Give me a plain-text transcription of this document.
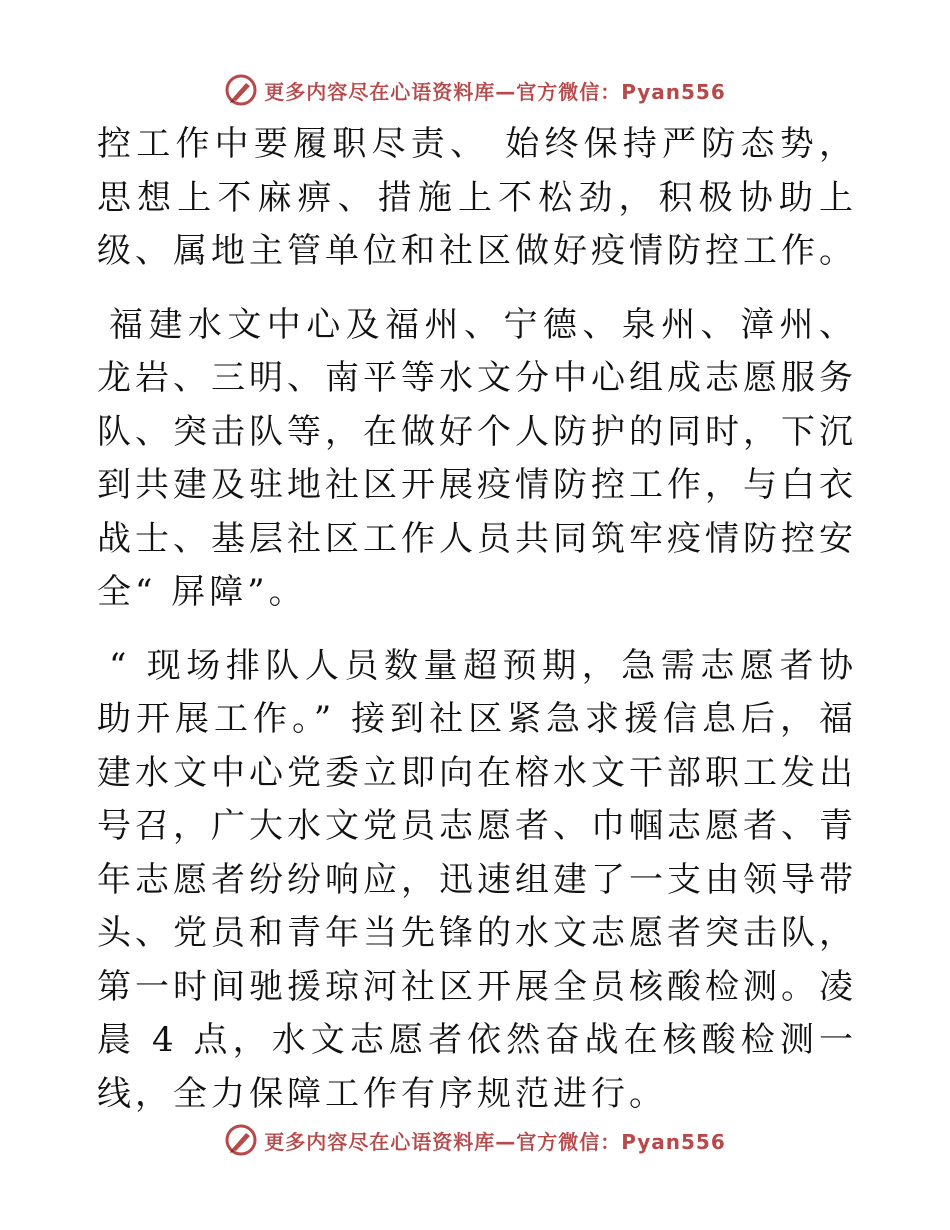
更多内容尽在心语资料库—官方微信：Pyan556

控工作中要履职尽责、 始终保持严防态势，思想上不麻痹、措施上不松劲，积极协助上级、属地主管单位和社区做好疫情防控工作。

福建水文中心及福州、宁德、泉州、漳州、龙岩、三明、南平等水文分中心组成志愿服务队、突击队等，在做好个人防护的同时，下沉到共建及驻地社区开展疫情防控工作，与白衣战士、基层社区工作人员共同筑牢疫情防控安全“ 屏障”。

“ 现场排队人员数量超预期，急需志愿者协助开展工作。” 接到社区紧急求援信息后，福建水文中心党委立即向在榕水文干部职工发出号召，广大水文党员志愿者、巾帼志愿者、青年志愿者纷纷响应，迅速组建了一支由领导带头、党员和青年当先锋的水文志愿者突击队，第一时间驰援琼河社区开展全员核酸检测。凌晨 4 点，水文志愿者依然奋战在核酸检测一线，全力保障工作有序规范进行。

更多内容尽在心语资料库—官方微信：Pyan556
